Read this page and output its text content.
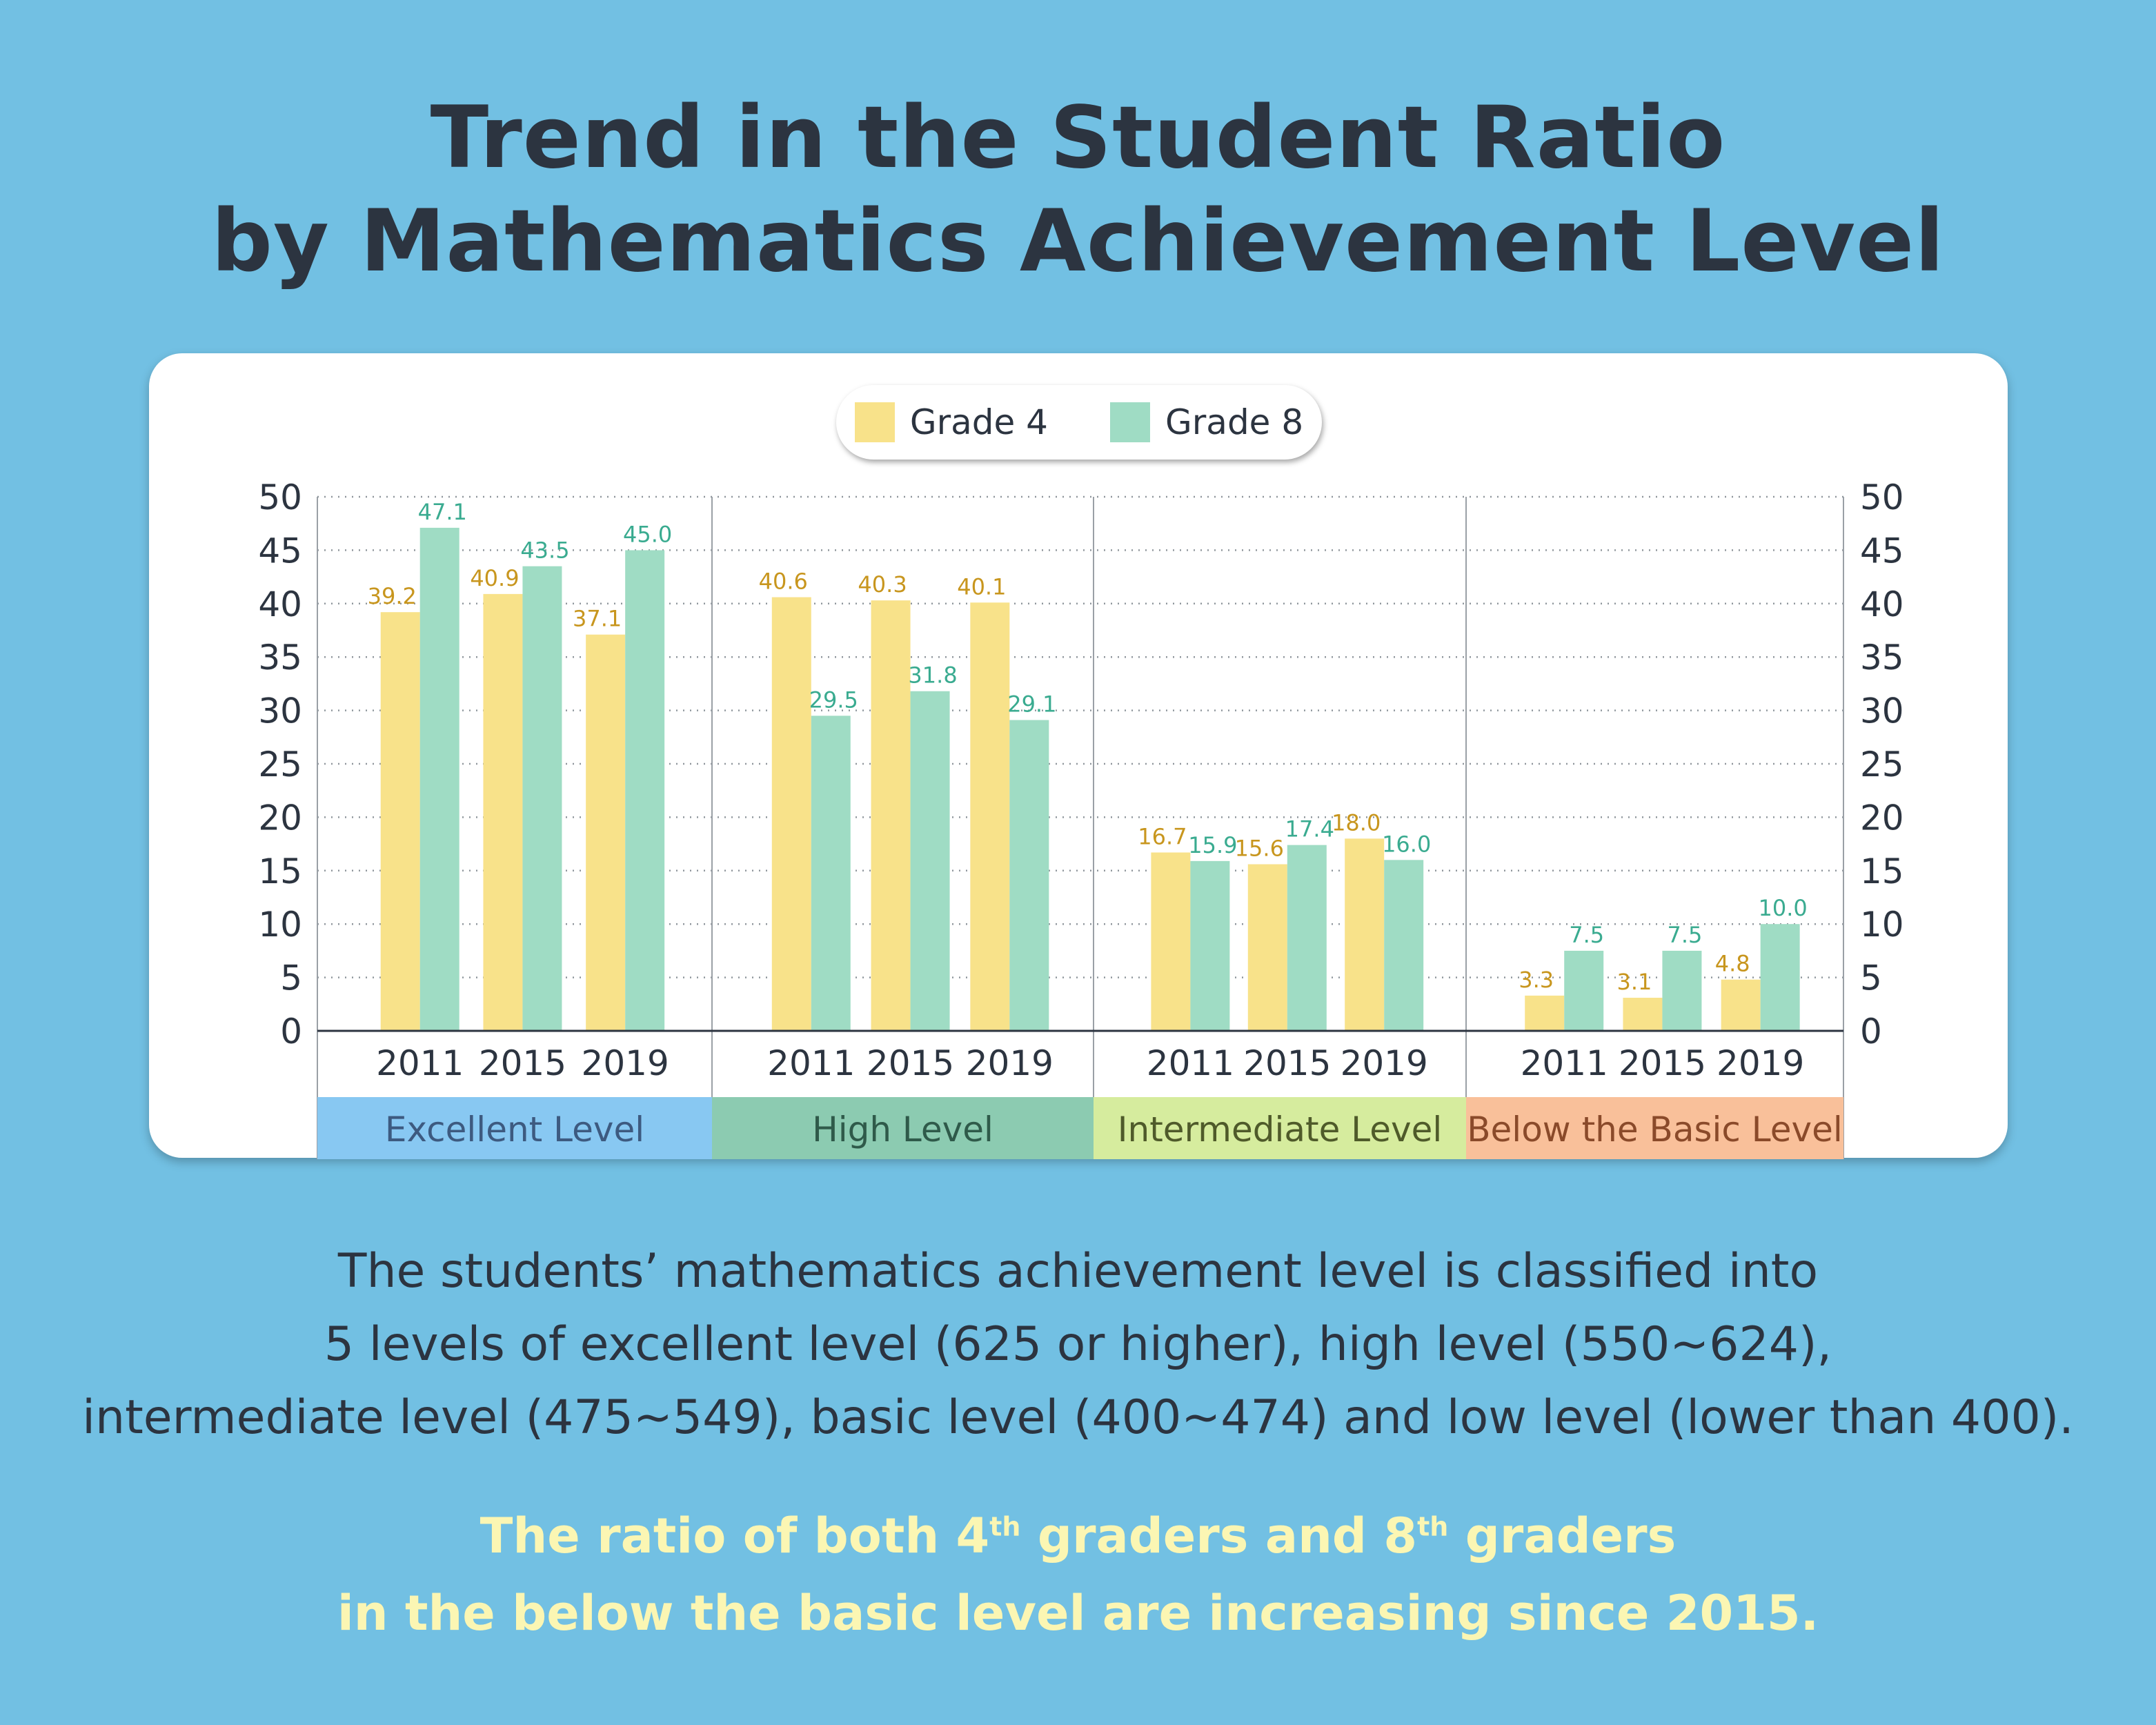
Trend in the Student Ratio
by Mathematics Achievement Level
0	0
5	5
10	10
15	15
20	20
25	25
30	30
35	35
40	40
45	45
50	50
39.2
47.1
2011
40.9
43.5
2015
37.1
45.0
2019
Excellent Level
40.6
29.5
2011
40.3
31.8
2015
40.1
29.1
2019
High Level
16.7 15.9
2011
15.6
17.4
2015
18.0
16.0
2019
Intermediate Level
3.3
7.5
2011
3.1
7.5
2015
4.8
10.0
2019
Below the Basic Level
Grade 4	Grade 8
The students’ mathematics achievement level is classified into
5 levels of excellent level (625 or higher), high level (550~624),
intermediate level (475~549), basic level (400~474) and low level (lower than 400).
The ratio of both 4th graders and 8th graders
in the below the basic level are increasing since 2015.
